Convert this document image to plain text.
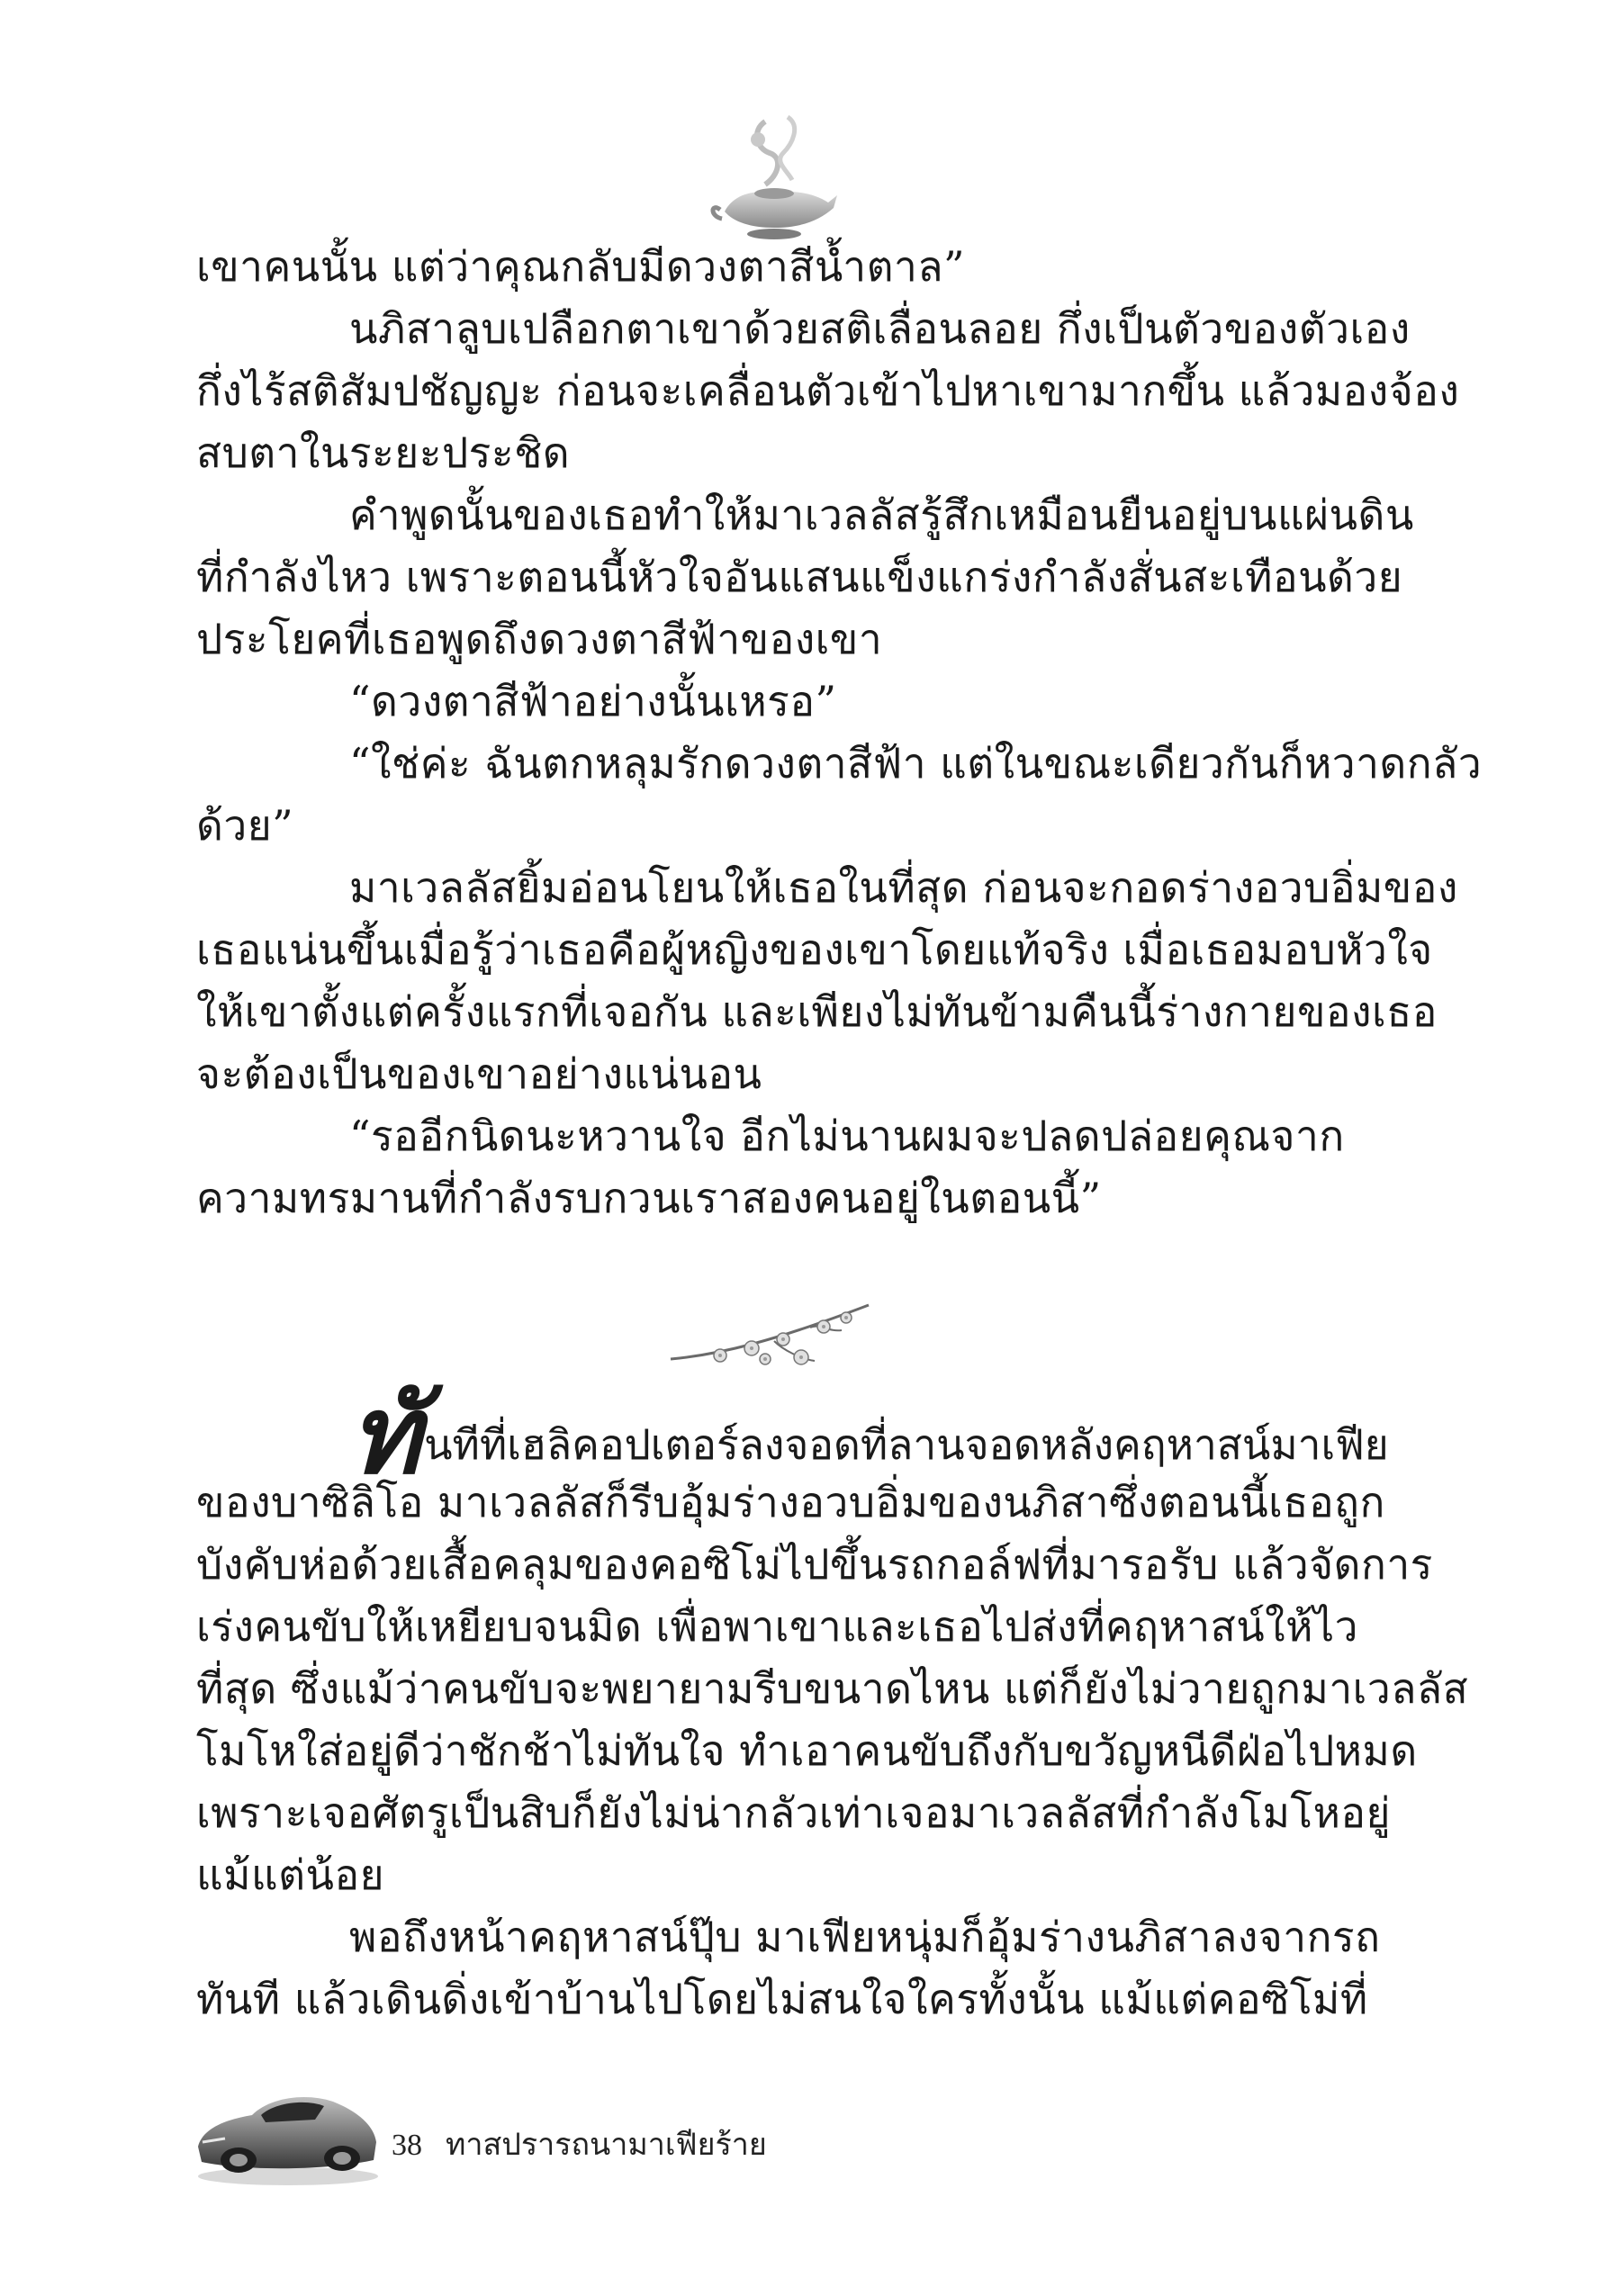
เขาคนนั้น แต่ว่าคุณกลับมีดวงตาสีน้ำตาล”
นภิสาลูบเปลือกตาเขาด้วยสติเลื่อนลอย กึ่งเป็นตัวของตัวเอง
กึ่งไร้สติสัมปชัญญะ ก่อนจะเคลื่อนตัวเข้าไปหาเขามากขึ้น แล้วมองจ้อง
สบตาในระยะประชิด
คำพูดนั้นของเธอทำให้มาเวลลัสรู้สึกเหมือนยืนอยู่บนแผ่นดิน
ที่กำลังไหว เพราะตอนนี้หัวใจอันแสนแข็งแกร่งกำลังสั่นสะเทือนด้วย
ประโยคที่เธอพูดถึงดวงตาสีฟ้าของเขา
“ดวงตาสีฟ้าอย่างนั้นเหรอ”
“ใช่ค่ะ ฉันตกหลุมรักดวงตาสีฟ้า แต่ในขณะเดียวกันก็หวาดกลัว
ด้วย”
มาเวลลัสยิ้มอ่อนโยนให้เธอในที่สุด ก่อนจะกอดร่างอวบอิ่มของ
เธอแน่นขึ้นเมื่อรู้ว่าเธอคือผู้หญิงของเขาโดยแท้จริง เมื่อเธอมอบหัวใจ
ให้เขาตั้งแต่ครั้งแรกที่เจอกัน และเพียงไม่ทันข้ามคืนนี้ร่างกายของเธอ
จะต้องเป็นของเขาอย่างแน่นอน
“รออีกนิดนะหวานใจ อีกไม่นานผมจะปลดปล่อยคุณจาก
ความทรมานที่กำลังรบกวนเราสองคนอยู่ในตอนนี้”
ทันทีที่เฮลิคอปเตอร์ลงจอดที่ลานจอดหลังคฤหาสน์มาเฟีย
ของบาซิลิโอ มาเวลลัสก็รีบอุ้มร่างอวบอิ่มของนภิสาซึ่งตอนนี้เธอถูก
บังคับห่อด้วยเสื้อคลุมของคอซิโม่ไปขึ้นรถกอล์ฟที่มารอรับ แล้วจัดการ
เร่งคนขับให้เหยียบจนมิด เพื่อพาเขาและเธอไปส่งที่คฤหาสน์ให้ไว
ที่สุด ซึ่งแม้ว่าคนขับจะพยายามรีบขนาดไหน แต่ก็ยังไม่วายถูกมาเวลลัส
โมโหใส่อยู่ดีว่าชักช้าไม่ทันใจ ทำเอาคนขับถึงกับขวัญหนีดีฝ่อไปหมด
เพราะเจอศัตรูเป็นสิบก็ยังไม่น่ากลัวเท่าเจอมาเวลลัสที่กำลังโมโหอยู่
แม้แต่น้อย
พอถึงหน้าคฤหาสน์ปุ๊บ มาเฟียหนุ่มก็อุ้มร่างนภิสาลงจากรถ
ทันที แล้วเดินดิ่งเข้าบ้านไปโดยไม่สนใจใครทั้งนั้น แม้แต่คอซิโม่ที่
38 ทาสปรารถนามาเฟียร้าย
